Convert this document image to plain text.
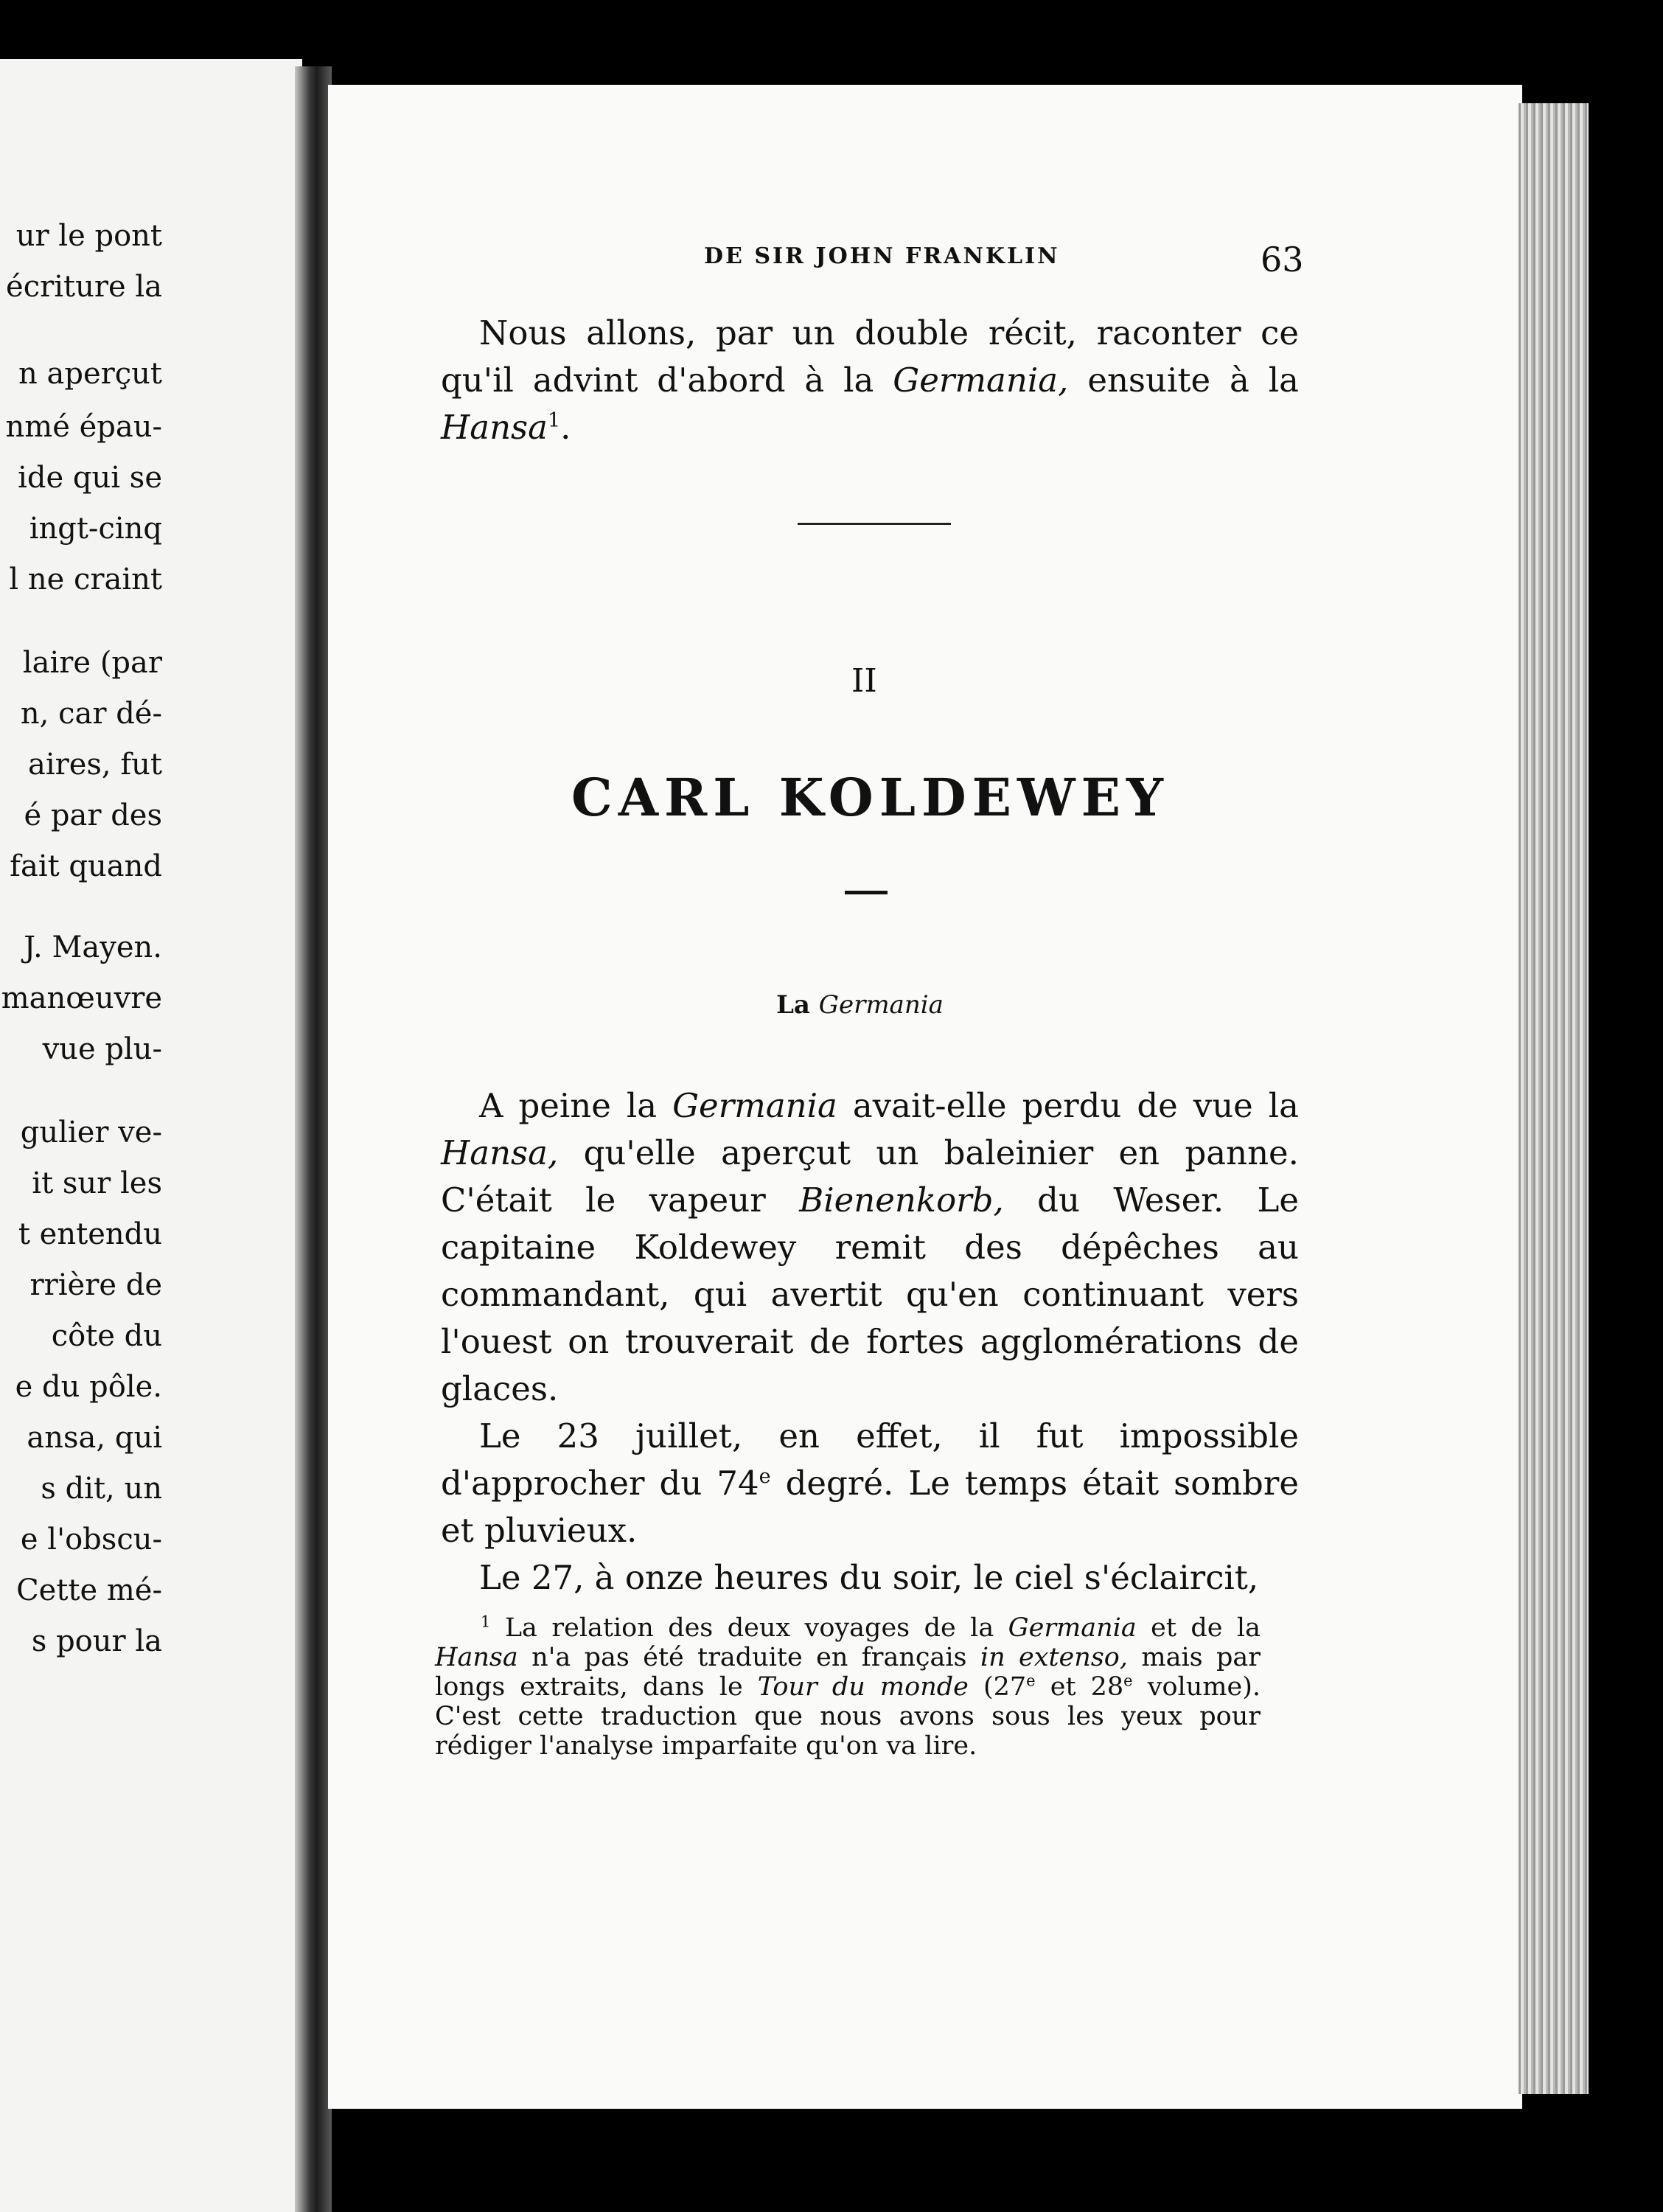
ur le pont
écriture la
n aperçut
nmé épau-
ide qui se
ingt-cinq
l ne craint
laire (par
n, car dé-
aires, fut
é par des
fait quand
J. Mayen.
manœuvre
vue plu-
gulier ve-
it sur les
t entendu
rrière de
côte du
e du pôle.
ansa, qui
s dit, un
e l'obscu-
Cette mé-
s pour la
DE SIR JOHN FRANKLIN	63

Nous allons, par un double récit, raconter ce qu'il advint d'abord à la Germania, ensuite à la Hansa$^1$.

II
CARL KOLDEWEY
La Germania

A peine la Germania avait-elle perdu de vue la Hansa, qu'elle aperçut un baleinier en panne. C'était le vapeur Bienenkorb, du Weser. Le capitaine Koldewey remit des dépêches au commandant, qui avertit qu'en continuant vers l'ouest on trouverait de fortes agglomérations de glaces.

Le 23 juillet, en effet, il fut impossible d'approcher du 74e degré. Le temps était sombre et pluvieux.

Le 27, à onze heures du soir, le ciel s'éclaircit,

$^1$ La relation des deux voyages de la Germania et de la Hansa n'a pas été traduite en français in extenso, mais par longs extraits, dans le Tour du monde (27e et 28e volume). C'est cette traduction que nous avons sous les yeux pour rédiger l'analyse imparfaite qu'on va lire.
